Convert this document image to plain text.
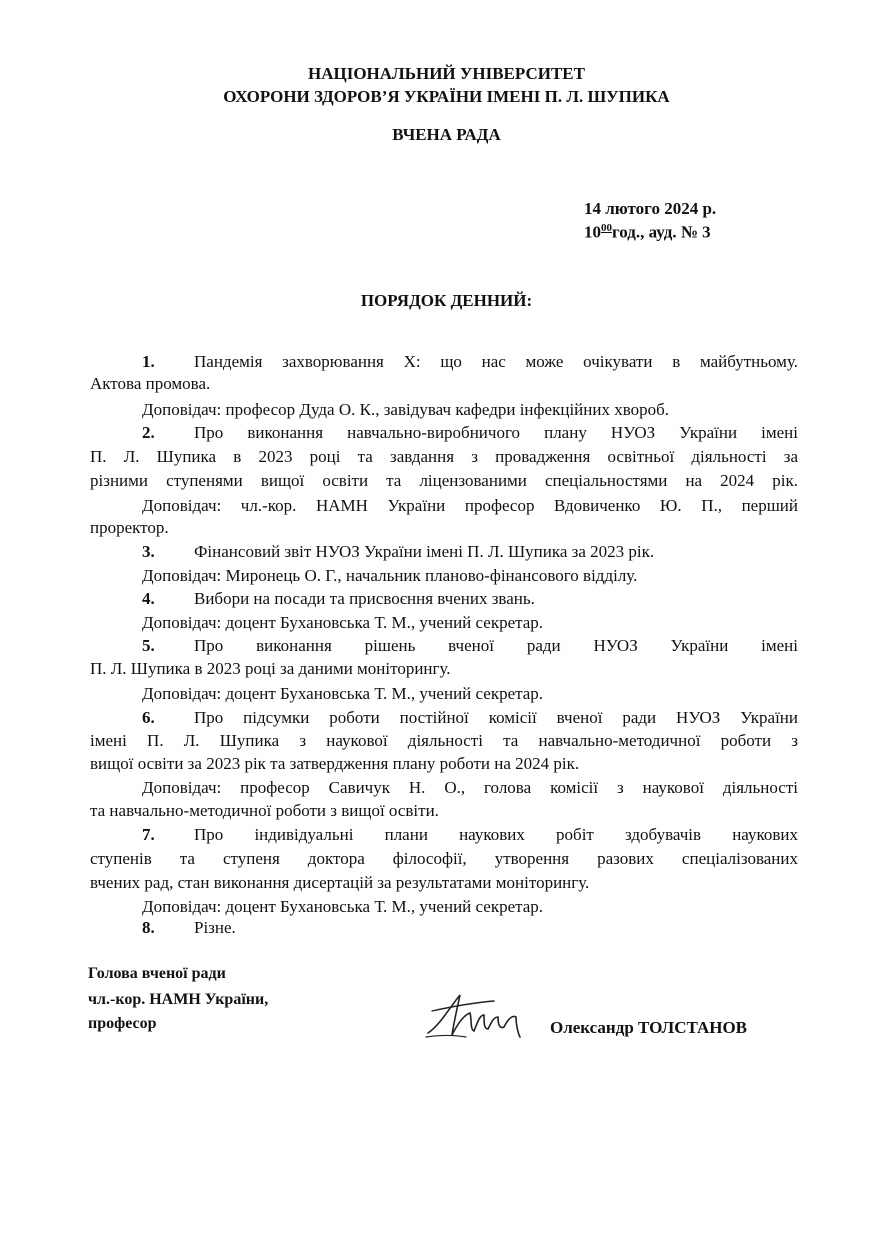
НАЦІОНАЛЬНИЙ УНІВЕРСИТЕТ
ОХОРОНИ ЗДОРОВ’Я УКРАЇНИ ІМЕНІ П. Л. ШУПИКА
ВЧЕНА РАДА
14 лютого 2024 р.
$10^{00}год$., ауд. № 3
ПОРЯДОК ДЕННИЙ:
1. Пандемія захворювання Х: що нас може очікувати в майбутньому.
Актова промова.
Доповідач: професор Дуда О. К., завідувач кафедри інфекційних хвороб.
2. Про виконання навчально-виробничого плану НУОЗ України імені
П. Л. Шупика в 2023 році та завдання з провадження освітньої діяльності за
різними ступенями вищої освіти та ліцензованими спеціальностями на 2024 рік.
Доповідач: чл.-кор. НАМН України професор Вдовиченко Ю. П., перший
проректор.
3. Фінансовий звіт НУОЗ України імені П. Л. Шупика за 2023 рік.
Доповідач: Миронець О. Г., начальник планово-фінансового відділу.
4. Вибори на посади та присвоєння вчених звань.
Доповідач: доцент Бухановська Т. М., учений секретар.
5. Про виконання рішень вченої ради НУОЗ України імені
П. Л. Шупика в 2023 році за даними моніторингу.
Доповідач: доцент Бухановська Т. М., учений секретар.
6. Про підсумки роботи постійної комісії вченої ради НУОЗ України
імені П. Л. Шупика з наукової діяльності та навчально-методичної роботи з
вищої освіти за 2023 рік та затвердження плану роботи на 2024 рік.
Доповідач: професор Савичук Н. О., голова комісії з наукової діяльності
та навчально-методичної роботи з вищої освіти.
7. Про індивідуальні плани наукових робіт здобувачів наукових
ступенів та ступеня доктора філософії, утворення разових спеціалізованих
вчених рад, стан виконання дисертацій за результатами моніторингу.
Доповідач: доцент Бухановська Т. М., учений секретар.
8. Різне.
Голова вченої ради
чл.-кор. НАМН України,
професор	Олександр ТОЛСТАНОВ
